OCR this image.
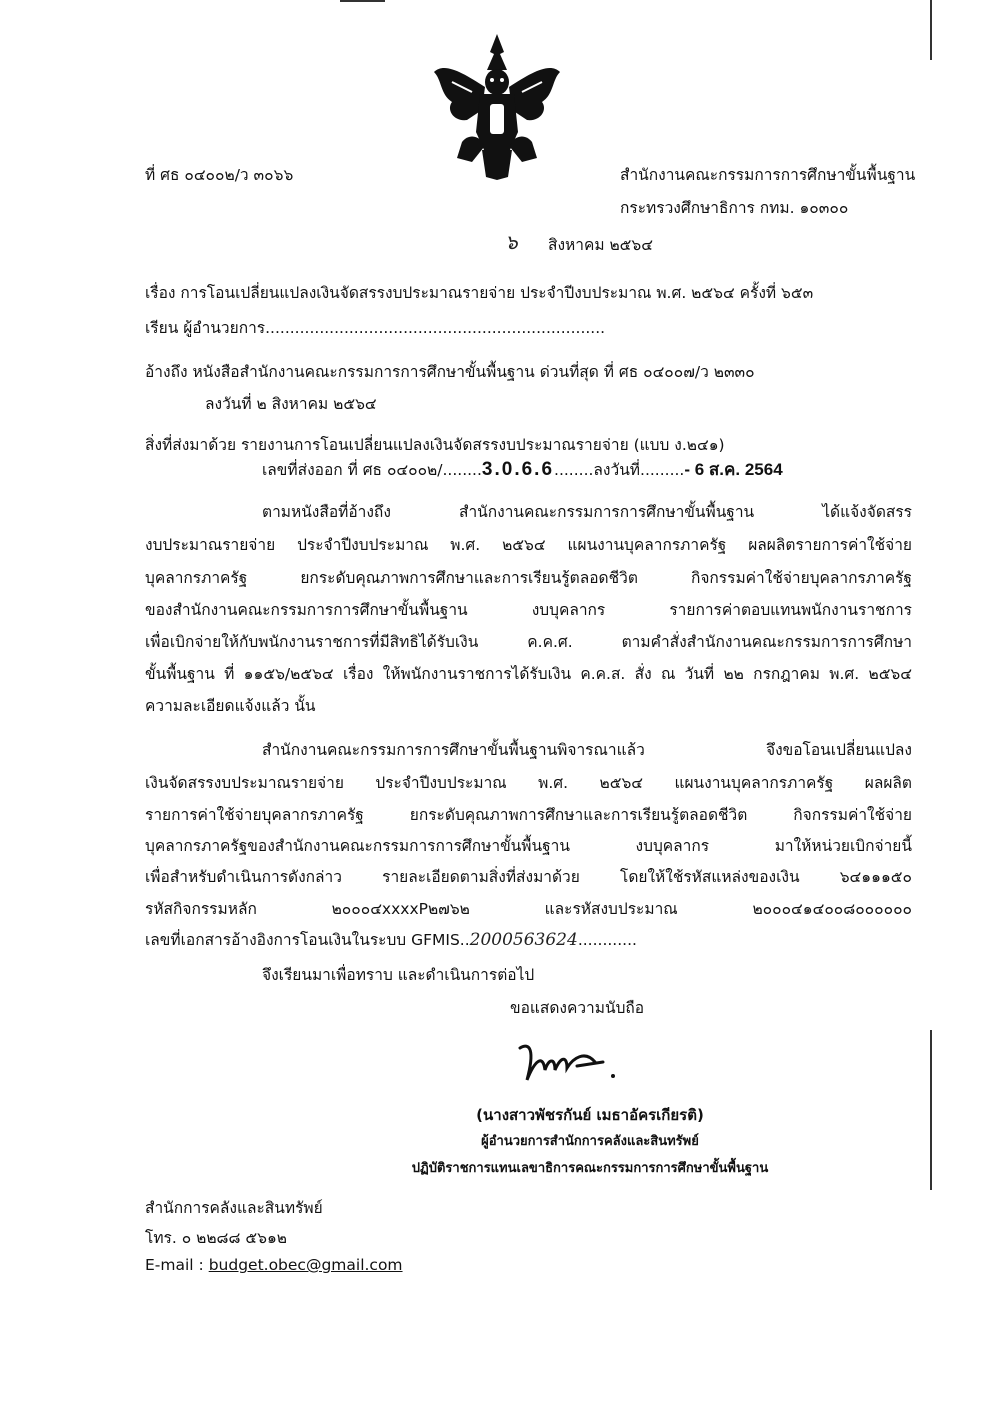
ที่ ศธ ๐๔๐๐๒/ว ๓๐๖๖	สำนักงานคณะกรรมการการศึกษาขั้นพื้นฐาน
กระทรวงศึกษาธิการ กทม. ๑๐๓๐๐
๖ สิงหาคม ๒๕๖๔
เรื่อง การโอนเปลี่ยนแปลงเงินจัดสรรงบประมาณรายจ่าย ประจำปีงบประมาณ พ.ศ. ๒๕๖๔ ครั้งที่ ๖๕๓
เรียน ผู้อำนวยการ.....................................................................
อ้างถึง หนังสือสำนักงานคณะกรรมการการศึกษาขั้นพื้นฐาน ด่วนที่สุด ที่ ศธ ๐๔๐๐๗/ว ๒๓๓๐
ลงวันที่ ๒ สิงหาคม ๒๕๖๔
สิ่งที่ส่งมาด้วย รายงานการโอนเปลี่ยนแปลงเงินจัดสรรงบประมาณรายจ่าย (แบบ ง.๒๔๑)
เลขที่ส่งออก ที่ ศธ ๐๔๐๐๒/........3.0.6.6........ลงวันที่.........- 6 ส.ค. 2564
ตามหนังสือที่อ้างถึง สำนักงานคณะกรรมการการศึกษาขั้นพื้นฐาน ได้แจ้งจัดสรร
งบประมาณรายจ่าย ประจำปีงบประมาณ พ.ศ. ๒๕๖๔ แผนงานบุคลากรภาครัฐ ผลผลิตรายการค่าใช้จ่าย
บุคลากรภาครัฐ ยกระดับคุณภาพการศึกษาและการเรียนรู้ตลอดชีวิต กิจกรรมค่าใช้จ่ายบุคลากรภาครัฐ
ของสำนักงานคณะกรรมการการศึกษาขั้นพื้นฐาน งบบุคลากร รายการค่าตอบแทนพนักงานราชการ
เพื่อเบิกจ่ายให้กับพนักงานราชการที่มีสิทธิได้รับเงิน ค.ค.ศ. ตามคำสั่งสำนักงานคณะกรรมการการศึกษา
ขั้นพื้นฐาน ที่ ๑๑๕๖/๒๕๖๔ เรื่อง ให้พนักงานราชการได้รับเงิน ค.ค.ส. สั่ง ณ วันที่ ๒๒ กรกฎาคม พ.ศ. ๒๕๖๔
ความละเอียดแจ้งแล้ว นั้น
สำนักงานคณะกรรมการการศึกษาขั้นพื้นฐานพิจารณาแล้ว จึงขอโอนเปลี่ยนแปลง
เงินจัดสรรงบประมาณรายจ่าย ประจำปีงบประมาณ พ.ศ. ๒๕๖๔ แผนงานบุคลากรภาครัฐ ผลผลิต
รายการค่าใช้จ่ายบุคลากรภาครัฐ ยกระดับคุณภาพการศึกษาและการเรียนรู้ตลอดชีวิต กิจกรรมค่าใช้จ่าย
บุคลากรภาครัฐของสำนักงานคณะกรรมการการศึกษาขั้นพื้นฐาน งบบุคลากร มาให้หน่วยเบิกจ่ายนี้
เพื่อสำหรับดำเนินการดังกล่าว รายละเอียดตามสิ่งที่ส่งมาด้วย โดยให้ใช้รหัสแหล่งของเงิน ๖๔๑๑๑๕๐
รหัสกิจกรรมหลัก ๒๐๐๐๔xxxxP๒๗๖๒ และรหัสงบประมาณ ๒๐๐๐๔๑๔๐๐๘๐๐๐๐๐๐
เลขที่เอกสารอ้างอิงการโอนเงินในระบบ GFMIS..2000563624............
จึงเรียนมาเพื่อทราบ และดำเนินการต่อไป
ขอแสดงความนับถือ
(นางสาวพัชรกันย์ เมธาอัครเกียรติ)
ผู้อำนวยการสำนักการคลังและสินทรัพย์
ปฏิบัติราชการแทนเลขาธิการคณะกรรมการการศึกษาขั้นพื้นฐาน
สำนักการคลังและสินทรัพย์
โทร. ๐ ๒๒๘๘ ๕๖๑๒
E-mail : budget.obec@gmail.com
